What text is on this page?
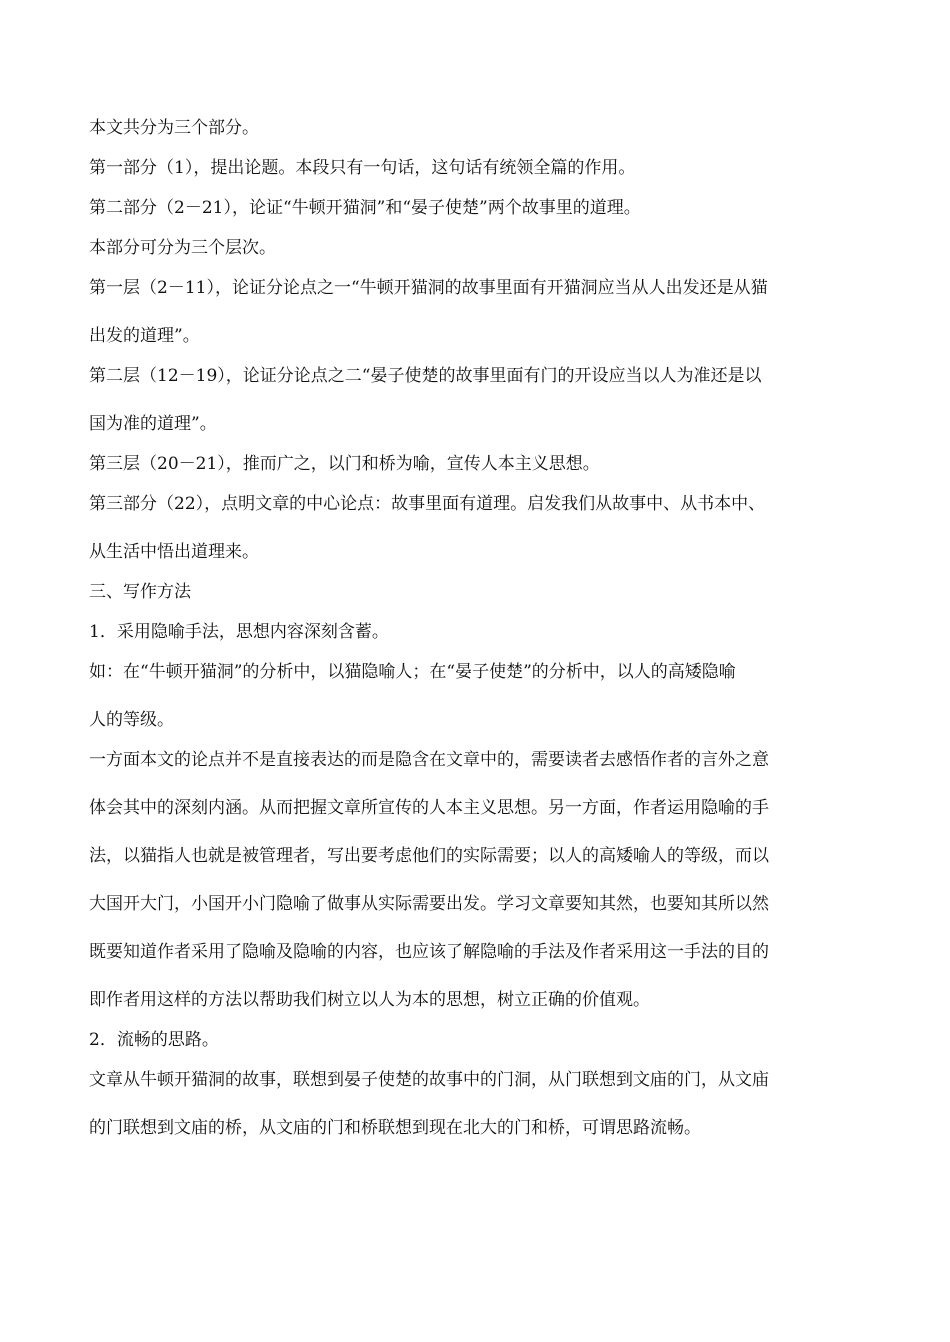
本文共分为三个部分。

第一部分（1），提出论题。本段只有一句话，这句话有统领全篇的作用。

第二部分（2－21），论证“牛顿开猫洞”和“晏子使楚”两个故事里的道理。

本部分可分为三个层次。

第一层（2－11），论证分论点之一“牛顿开猫洞的故事里面有开猫洞应当从人出发还是从猫

出发的道理”。

第二层（12－19），论证分论点之二“晏子使楚的故事里面有门的开设应当以人为准还是以

国为准的道理”。

第三层（20－21），推而广之，以门和桥为喻，宣传人本主义思想。

第三部分（22），点明文章的中心论点：故事里面有道理。启发我们从故事中、从书本中、

从生活中悟出道理来。

三、写作方法

1．采用隐喻手法，思想内容深刻含蓄。

如：在“牛顿开猫洞”的分析中，以猫隐喻人；在“晏子使楚”的分析中，以人的高矮隐喻

人的等级。

一方面本文的论点并不是直接表达的而是隐含在文章中的，需要读者去感悟作者的言外之意

体会其中的深刻内涵。从而把握文章所宣传的人本主义思想。另一方面，作者运用隐喻的手

法，以猫指人也就是被管理者，写出要考虑他们的实际需要；以人的高矮喻人的等级，而以

大国开大门，小国开小门隐喻了做事从实际需要出发。学习文章要知其然，也要知其所以然

既要知道作者采用了隐喻及隐喻的内容，也应该了解隐喻的手法及作者采用这一手法的目的

即作者用这样的方法以帮助我们树立以人为本的思想，树立正确的价值观。

2．流畅的思路。

文章从牛顿开猫洞的故事，联想到晏子使楚的故事中的门洞，从门联想到文庙的门，从文庙

的门联想到文庙的桥，从文庙的门和桥联想到现在北大的门和桥，可谓思路流畅。
